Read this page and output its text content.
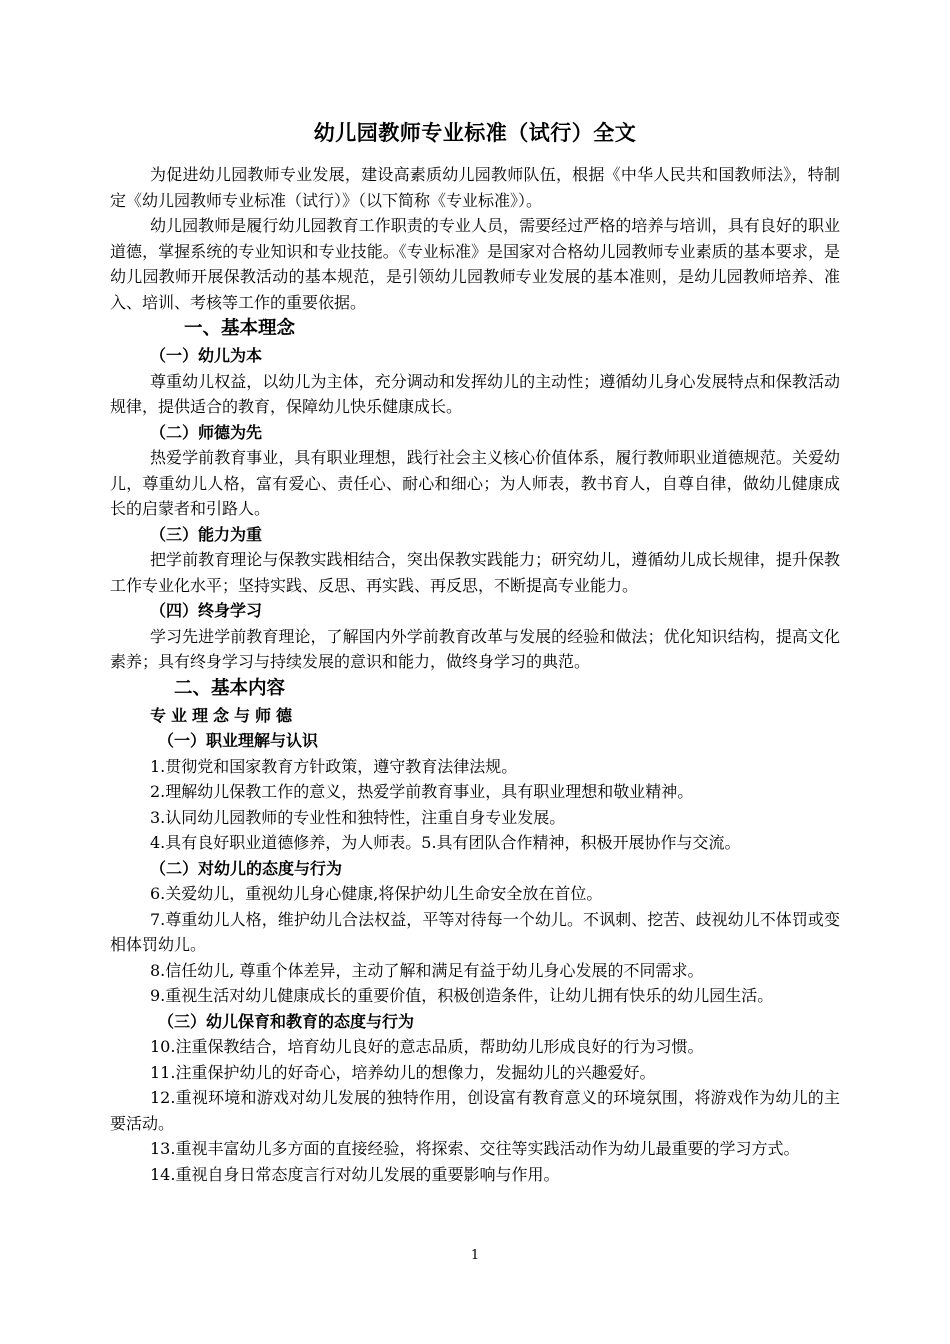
幼儿园教师专业标准（试行）全文

为促进幼儿园教师专业发展，建设高素质幼儿园教师队伍，根据《中华人民共和国教师法》，特制定《幼儿园教师专业标准（试行）》（以下简称《专业标准》）。

幼儿园教师是履行幼儿园教育工作职责的专业人员，需要经过严格的培养与培训，具有良好的职业道德，掌握系统的专业知识和专业技能。《专业标准》是国家对合格幼儿园教师专业素质的基本要求，是幼儿园教师开展保教活动的基本规范，是引领幼儿园教师专业发展的基本准则，是幼儿园教师培养、准入、培训、考核等工作的重要依据。

一、基本理念
（一）幼儿为本

尊重幼儿权益，以幼儿为主体，充分调动和发挥幼儿的主动性；遵循幼儿身心发展特点和保教活动规律，提供适合的教育，保障幼儿快乐健康成长。

（二）师德为先

热爱学前教育事业，具有职业理想，践行社会主义核心价值体系，履行教师职业道德规范。关爱幼儿，尊重幼儿人格，富有爱心、责任心、耐心和细心；为人师表，教书育人，自尊自律，做幼儿健康成长的启蒙者和引路人。

（三）能力为重

把学前教育理论与保教实践相结合，突出保教实践能力；研究幼儿，遵循幼儿成长规律，提升保教工作专业化水平；坚持实践、反思、再实践、再反思，不断提高专业能力。

（四）终身学习

学习先进学前教育理论，了解国内外学前教育改革与发展的经验和做法；优化知识结构，提高文化素养；具有终身学习与持续发展的意识和能力，做终身学习的典范。

二、基本内容
专业理念与师德
（一）职业理解与认识

1.贯彻党和国家教育方针政策，遵守教育法律法规。

2.理解幼儿保教工作的意义，热爱学前教育事业，具有职业理想和敬业精神。

3.认同幼儿园教师的专业性和独特性，注重自身专业发展。

4.具有良好职业道德修养，为人师表。5.具有团队合作精神，积极开展协作与交流。

（二）对幼儿的态度与行为

6.关爱幼儿，重视幼儿身心健康,将保护幼儿生命安全放在首位。

7.尊重幼儿人格，维护幼儿合法权益，平等对待每一个幼儿。不讽刺、挖苦、歧视幼儿不体罚或变相体罚幼儿。

8.信任幼儿, 尊重个体差异，主动了解和满足有益于幼儿身心发展的不同需求。

9.重视生活对幼儿健康成长的重要价值，积极创造条件，让幼儿拥有快乐的幼儿园生活。

（三）幼儿保育和教育的态度与行为

10.注重保教结合，培育幼儿良好的意志品质，帮助幼儿形成良好的行为习惯。

11.注重保护幼儿的好奇心，培养幼儿的想像力，发掘幼儿的兴趣爱好。

12.重视环境和游戏对幼儿发展的独特作用，创设富有教育意义的环境氛围，将游戏作为幼儿的主要活动。

13.重视丰富幼儿多方面的直接经验，将探索、交往等实践活动作为幼儿最重要的学习方式。

14.重视自身日常态度言行对幼儿发展的重要影响与作用。

1
